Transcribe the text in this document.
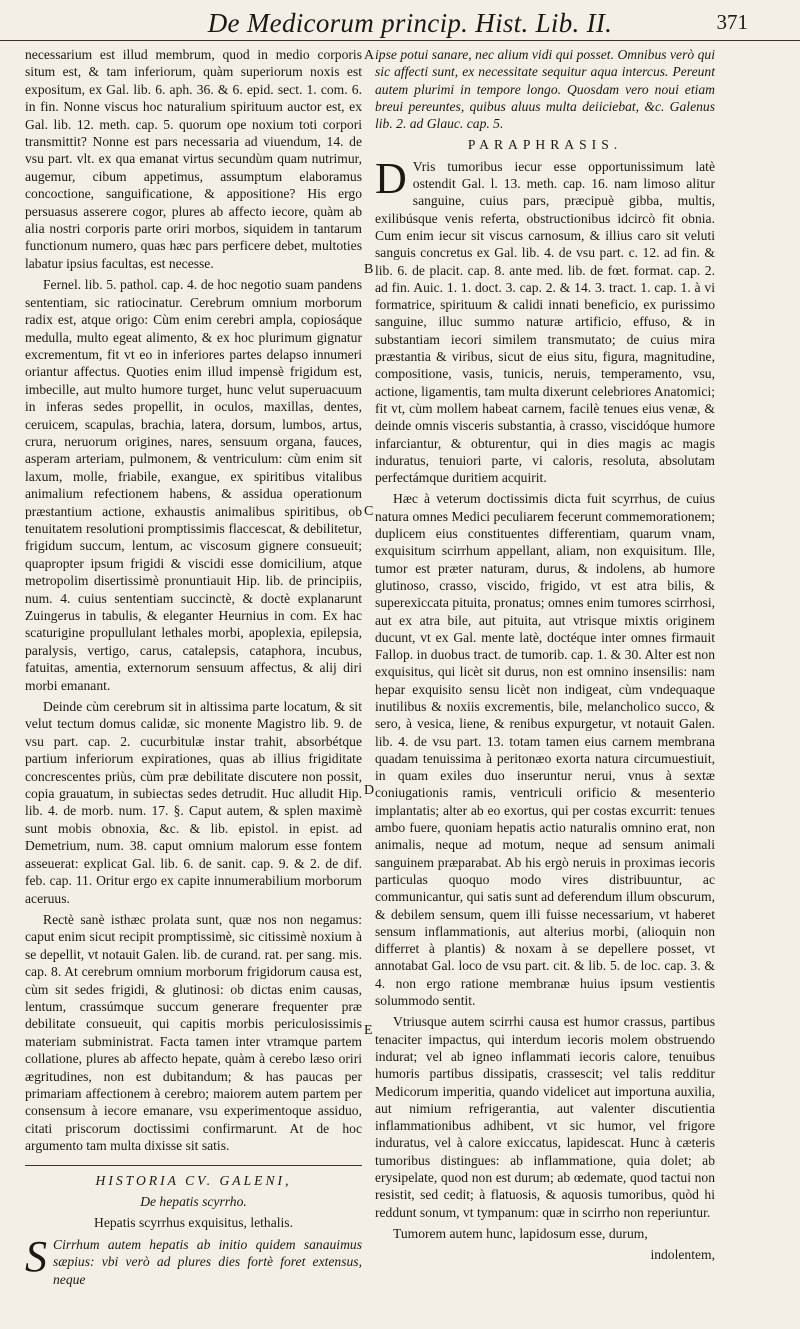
De Medicorum princip. Hist. Lib. II.	371
A
B
C
D
E

necessarium est illud membrum, quod in medio corporis situm est, & tam inferiorum, quàm superiorum noxis est expositum, ex Gal. lib. 6. aph. 36. & 6. epid. sect. 1. com. 6. in fin. Nonne viscus hoc naturalium spirituum auctor est, ex Gal. lib. 12. meth. cap. 5. quorum ope noxium toti corpori transmittit? Nonne est pars necessaria ad viuendum, 14. de vsu part. vlt. ex qua emanat virtus secundùm quam nutrimur, augemur, cibum appetimus, assumptum elaboramus concoctione, sanguificatione, & appositione? His ergo persuasus asserere cogor, plures ab affecto iecore, quàm ab alia nostri corporis parte oriri morbos, siquidem in tantarum functionum numero, quas hæc pars perficere debet, multoties labatur ipsius facultas, est necesse.

Fernel. lib. 5. pathol. cap. 4. de hoc negotio suam pandens sententiam, sic ratiocinatur. Cerebrum omnium morborum radix est, atque origo: Cùm enim cerebri ampla, copiosáque medulla, multo egeat alimento, & ex hoc plurimum gignatur excrementum, fit vt eo in inferiores partes delapso innumeri oriantur affectus. Quoties enim illud impensè frigidum est, imbecille, aut multo humore turget, hunc velut superuacuum in inferas sedes propellit, in oculos, maxillas, dentes, ceruicem, scapulas, brachia, latera, dorsum, lumbos, artus, crura, neruorum origines, nares, sensuum organa, fauces, asperam arteriam, pulmonem, & ventriculum: cùm enim sit laxum, molle, friabile, exangue, ex spiritibus vitalibus animalium refectionem habens, & assidua operationum præstantium actione, exhaustis animalibus spiritibus, ob tenuitatem resolutioni promptissimis flaccescat, & debilitetur, frigidum succum, lentum, ac viscosum gignere consueuit; quapropter ipsum frigidi & viscidi esse domicilium, atque metropolim disertissimè pronuntiauit Hip. lib. de principiis, num. 4. cuius sententiam succinctè, & doctè explanarunt Zuingerus in tabulis, & eleganter Heurnius in com. Ex hac scaturigine propullulant lethales morbi, apoplexia, epilepsia, paralysis, vertigo, carus, catalepsis, cataphora, incubus, fatuitas, amentia, externorum sensuum affectus, & alij diri morbi emanant.

Deinde cùm cerebrum sit in altissima parte locatum, & sit velut tectum domus calidæ, sic monente Magistro lib. 9. de vsu part. cap. 2. cucurbitulæ instar trahit, absorbétque partium inferiorum expirationes, quas ab illius frigiditate concrescentes priùs, cùm præ debilitate discutere non possit, copia grauatum, in subiectas sedes detrudit. Huc alludit Hip. lib. 4. de morb. num. 17. §. Caput autem, & splen maximè sunt mobis obnoxia, &c. & lib. epistol. in epist. ad Demetrium, num. 38. caput omnium malorum esse fontem asseuerat: explicat Gal. lib. 6. de sanit. cap. 9. & 2. de dif. feb. cap. 11. Oritur ergo ex capite innumerabilium morborum aceruus.

Rectè sanè isthæc prolata sunt, quæ nos non negamus: caput enim sicut recipit promptissimè, sic citissimè noxium à se depellit, vt notauit Galen. lib. de curand. rat. per sang. mis. cap. 8. At cerebrum omnium morborum frigidorum causa est, cùm sit sedes frigidi, & glutinosi: ob dictas enim causas, lentum, crassúmque succum generare frequenter præ debilitate consueuit, qui capitis morbis periculosissimis materiam subministrat. Facta tamen inter vtramque partem collatione, plures ab affecto hepate, quàm à cerebo læso oriri ægritudines, non est dubitandum; & has paucas per primariam affectionem à cerebro; maiorem autem partem per consensum à iecore emanare, vsu experimentoque assiduo, citati priscorum doctissimi confirmarunt. At de hoc argumento tam multa dixisse sit satis.

HISTORIA CV. GALENI,

De hepatis scyrrho.

Hepatis scyrrhus exquisitus, lethalis.

S Cirrhum autem hepatis ab initio quidem sanauimus sæpius: vbi verò ad plures dies fortè foret extensus, neque

ipse potui sanare, nec alium vidi qui posset. Omnibus verò qui sic affecti sunt, ex necessitate sequitur aqua intercus. Pereunt autem plurimi in tempore longo. Quosdam vero noui etiam breui pereuntes, quibus aluus multa deiiciebat, &c. Galenus lib. 2. ad Glauc. cap. 5.

PARAPHRASIS.

D Vris tumoribus iecur esse opportunissimum latè ostendit Gal. l. 13. meth. cap. 16. nam limoso alitur sanguine, cuius pars, præcipuè gibba, multis, exilibúsque venis referta, obstructionibus idcircò fit obnia. Cum enim iecur sit viscus carnosum, & illius caro sit veluti sanguis concretus ex Gal. lib. 4. de vsu part. c. 12. ad fin. & lib. 6. de placit. cap. 8. ante med. lib. de fœt. format. cap. 2. ad fin. Auic. 1. 1. doct. 3. cap. 2. & 14. 3. tract. 1. cap. 1. à vi formatrice, spirituum & calidi innati beneficio, ex purissimo sanguine, illuc summo naturæ artificio, effuso, & in substantiam iecori similem transmutato; de cuius mira præstantia & viribus, sicut de eius situ, figura, magnitudine, compositione, vasis, tunicis, neruis, temperamento, vsu, actione, ligamentis, tam multa dixerunt celebriores Anatomici; fit vt, cùm mollem habeat carnem, facilè tenues eius venæ, & deinde omnis visceris substantia, à crasso, viscidóque humore infarciantur, & obturentur, qui in dies magis ac magis induratus, tenuiori parte, vi caloris, resoluta, absolutam perfectámque duritiem acquirit.

Hæc à veterum doctissimis dicta fuit scyrrhus, de cuius natura omnes Medici peculiarem fecerunt commemorationem; duplicem eius constituentes differentiam, quarum vnam, exquisitum scirrhum appellant, aliam, non exquisitum. Ille, tumor est præter naturam, durus, & indolens, ab humore glutinoso, crasso, viscido, frigido, vt est atra bilis, & superexiccata pituita, pronatus; omnes enim tumores scirrhosi, aut ex atra bile, aut pituita, aut vtrisque mixtis originem ducunt, vt ex Gal. mente latè, doctéque inter omnes firmauit Fallop. in duobus tract. de tumorib. cap. 1. & 30. Alter est non exquisitus, qui licèt sit durus, non est omnino insensilis: nam hepar exquisito sensu licèt non indigeat, cùm vndequaque inutilibus & noxiis excrementis, bile, melancholico succo, & sero, à vesica, liene, & renibus expurgetur, vt notauit Galen. lib. 4. de vsu part. 13. totam tamen eius carnem membrana quadam tenuissima à peritonæo exorta natura circumuestiuit, in quam exiles duo inseruntur nerui, vnus à sextæ coniugationis ramis, ventriculi orificio & mesenterio implantatis; alter ab eo exortus, qui per costas excurrit: tenues ambo fuere, quoniam hepatis actio naturalis omnino erat, non animalis, neque ad motum, neque ad sensum animali sanguinem præparabat. Ab his ergò neruis in proximas iecoris particulas quoquo modo vires distribuuntur, ac communicantur, qui satis sunt ad deferendum illum obscurum, & debilem sensum, quem illi fuisse necessarium, vt haberet sensum inflammationis, aut alterius morbi, (alioquin non differret à plantis) & noxam à se depellere posset, vt annotabat Gal. loco de vsu part. cit. & lib. 5. de loc. cap. 3. & 4. non ergo ratione membranæ huius ipsum vestientis solummodo sentit.

Vtriusque autem scirrhi causa est humor crassus, partibus tenaciter impactus, qui interdum iecoris molem obstruendo indurat; vel ab igneo inflammati iecoris calore, tenuibus humoris partibus dissipatis, crassescit; vel talis redditur Medicorum imperitia, quando videlicet aut importuna auxilia, aut nimium refrigerantia, aut valenter discutientia inflammationibus adhibent, vt sic humor, vel frigore induratus, vel à calore exiccatus, lapidescat. Hunc à cæteris tumoribus distingues: ab inflammatione, quia dolet; ab erysipelate, quod non est durum; ab œdemate, quod tactui non resistit, sed cedit; à flatuosis, & aquosis tumoribus, quòd hi reddunt sonum, vt tympanum: quæ in scirrho non reperiuntur.

Tumorem autem hunc, lapidosum esse, durum,

indolentem,
